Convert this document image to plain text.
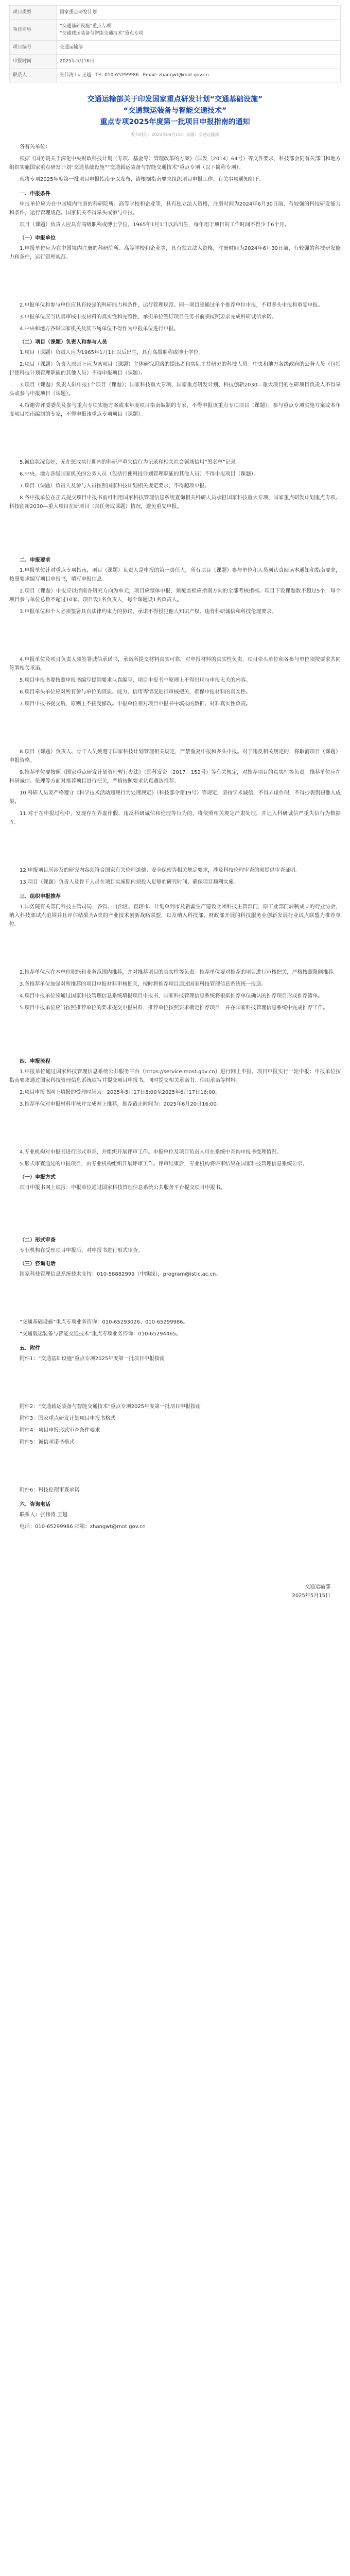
项目类型	国家重点研发计划
项目名称	“交通基础设施”重点专项
“交通载运装备与智能交通技术”重点专项
项目编号	交通运输部
申报时间	2025年5月16日
联系人	张伟涛 Lu 王越 Tel: 010-65299986 Email: zhangwt@mot.gov.cn

交通运输部关于印发国家重点研发计划“交通基础设施”

“交通载运装备与智能交通技术”

重点专项2025年度第一批项目申报指南的通知

发布时间：2025年05月15日 来源：交通运输部

各有关单位：

根据《国务院关于深化中央财政科技计划（专项、基金等）管理改革的方案》（国发〔2014〕64号）等文件要求，科技部会同有关部门和地方组织实施国家重点研发计划“交通基础设施”“交通载运装备与智能交通技术”重点专项（以下简称专项）。

现将专项2025年度第一批项目申报指南予以发布，请根据指南要求组织项目申报工作。有关事项通知如下。

一、申报条件

申报单位应为在中国境内注册的科研院所、高等学校和企业等，具有独立法人资格，注册时间为2024年6月30日前，有较强的科技研发能力和条件，运行管理规范。国家机关不得牵头或参与申报。

项目（课题）负责人应具有高级职称或博士学位，1965年1月1日以后出生，每年用于项目的工作时间不得少于6个月。

（一）申报单位

1.申报单位应为在中国境内注册的科研院所、高等学校和企业等，具有独立法人资格，注册时间为2024年6月30日前，有较强的科技研发能力和条件，运行管理规范。

2.申报单位和参与单位应具有较强的科研能力和条件，运行管理规范。同一项目须通过单个推荐单位申报，不得多头申报和重复申报。

3.申报单位应当认真审核申报材料的真实性和完整性，承担单位签订项目任务书前须按照要求完成科研诚信承诺。

4.中央和地方各级国家机关及其下属单位不得作为申报单位进行申报。

（二）项目（课题）负责人和参与人员

1.项目（课题）负责人应为1965年1月1日以后出生，具有高级职称或博士学位。

2.项目（课题）负责人原则上应为该项目（课题）主体研究思路的提出者和实际主持研究的科技人员。中央和地方各级政府的公务人员（包括行使科技计划管理职能的其他人员）不得申报项目（课题）。

3.项目（课题）负责人限申报1个项目（课题）；国家科技重大专项、国家重点研发计划、科技创新2030—重大项目的在研项目负责人不得牵头或参与申报项目（课题）。

4.特邀咨评委委员及参与重点专项实施方案或本年度项目指南编制的专家，不得申报该重点专项项目（课题）；参与重点专项实施方案或本年度项目指南编制的专家，不得申报该重点专项项目（课题）。

5.诚信状况良好，无在惩戒执行期内的科研严重失信行为记录和相关社会领域信用“黑名单”记录。

6.中央、地方各级国家机关的公务人员（包括行使科技计划管理职能的其他人员）不得申报项目（课题）。

7.项目（课题）负责人及参与人员按照国家科技计划相关规定要求，不得超项申报。

8.各申报单位在正式提交项目申报书前可利用国家科技管理信息系统查询相关科研人员承担国家科技重大专项、国家重点研发计划重点专项、科技创新2030—重大项目在研项目（含任务或课题）情况，避免重复申报。

二、申报要求

1.申报单位针对重点专项指南，项目（课题）负责人是申报的第一责任人，所有项目（课题）参与单位和人员须认真阅读本通知和指南要求，按照要求编写项目申报书，填写申报信息。

2.项目（课题）申报应以指南各研究方向为单元，项目应整体申报，须覆盖相应指南方向的全部考核指标。项目下设课题数不超过5个，每个项目参与单位总数不超过10家。项目设1名负责人，每个课题设1名负责人。

3.申报单位和个人必须签署具有法律约束力的协议，承诺不得侵犯他人知识产权、违背科研诚信和科技伦理要求。

4.申报单位及项目负责人须签署诚信承诺书，承诺所提交材料真实可靠，对申报材料的真实性负责，项目牵头单位和各参与单位须按要求共同签署相关承诺。

5.项目申报书要按照申报书编写提纲要求认真编写，项目申报书中原则上不得出现与申报无关的内容。

6.项目牵头单位应对所有参与单位的资质、能力、信用等情况进行审核把关，确保申报材料的真实性。

7.项目申报书提交后，原则上不接受修改。申报单位须对项目申报书中填报的数据、材料真实性负责。

8.项目（课题）负责人、骨干人员须遵守国家科技计划管理相关规定，严禁重复申报和多头申报。对于违反相关规定的，将取消项目（课题）申报资格。

9.推荐单位要按照《国家重点研发计划管理暂行办法》（国科发资〔2017〕152号）等有关规定，对推荐项目的真实性等负责。推荐单位应在科研诚信、伦理等方面对推荐项目进行把关，严格按照要求认真遴选推荐。

10.科研人员要严格遵守《科学技术活动违规行为处理规定》（科技部令第19号）等规定，坚持学术诚信，不得弄虚作假，不得抄袭剽窃他人成果。

11.对于在申报过程中，发现存在弄虚作假、违反科研诚信和伦理等行为的，将依照相关规定严肃处理，并记入科研诚信严重失信行为数据库。

12.申报项目所涉及的研究内容须符合国家有关伦理道德、安全保密等相关规定要求，涉及科技伦理审查的须提供审查证明。

13.项目（课题）负责人及骨干人员在项目实施期内须投入足够的研究时间，确保项目顺利实施。

三、组织申报推荐

1.国务院有关部门科技主管司局，各省、自治区、直辖市、计划单列市及新疆生产建设兵团科技主管部门，原工业部门转制成立的行业协会，纳入科技部试点范围并且评估结果为A类的产业技术创新战略联盟，以及纳入科技部、财政部开展的科技服务业创新发展行业试点联盟为推荐单位。

2.推荐单位应在本单位职能和业务范围内推荐，并对推荐项目的真实性等负责。推荐单位要对推荐的项目进行审核把关，严格按照限额推荐。

3.各推荐单位加强对所推荐的项目申报材料审核把关，按时将推荐项目通过国家科技管理信息系统统一报送。

4.项目申报单位须通过国家科技管理信息系统填报项目申报书，国家科技管理信息系统将根据推荐单位确认的推荐项目形成推荐清单。

5.项目申报单位应当按照推荐单位的要求提交申报材料，推荐单位按照要求确定推荐项目，并在国家科技管理信息系统中完成推荐工作。

四、申报流程

1.申报单位通过国家科技管理信息系统公共服务平台（https://service.most.gov.cn）进行网上申报。项目申报实行一轮申报：申报单位按指南要求通过国家科技管理信息系统填写并提交项目申报书，同时提交相关承诺书、信用承诺等材料。

2.项目申报书网上填报的受理时间为：2025年5月17日8:00至2025年6月17日16:00。

3.推荐单位对申报材料审核并完成网上推荐，推荐截止时间为：2025年6月20日16:00。

4.专业机构对申报书进行形式审查，并组织开展评审工作。申报单位及项目负责人可在系统中查询申报书受理情况。

5.形式审查通过的申报项目，由专业机构组织开展评审工作。评审结束后，专业机构将评审结果在国家科技管理信息系统公示。

（一）申报方式

项目申报书网上填报：申报单位通过国家科技管理信息系统公共服务平台提交项目申报书。

（二）形式审查

专业机构在受理项目申报后，对申报书进行形式审查。

（三）咨询电话

国家科技管理信息系统技术支持：010-58882999（中继线），program@istic.ac.cn。

“交通基础设施”重点专项业务咨询：010-65293026、010-65299986。

“交通载运装备与智能交通技术”重点专项业务咨询：010-65294465。

五、附件

附件1：“交通基础设施”重点专项2025年度第一批项目申报指南

附件2：“交通载运装备与智能交通技术”重点专项2025年度第一批项目申报指南

附件3：国家重点研发计划项目申报书格式

附件4：项目申报形式审查条件要求

附件5：诚信承诺书格式

附件6：科技伦理审查承诺

六、咨询电话

联系人：张伟涛 王越

电话：010-65299986 邮箱：zhangwt@mot.gov.cn

交通运输部

2025年5月15日
